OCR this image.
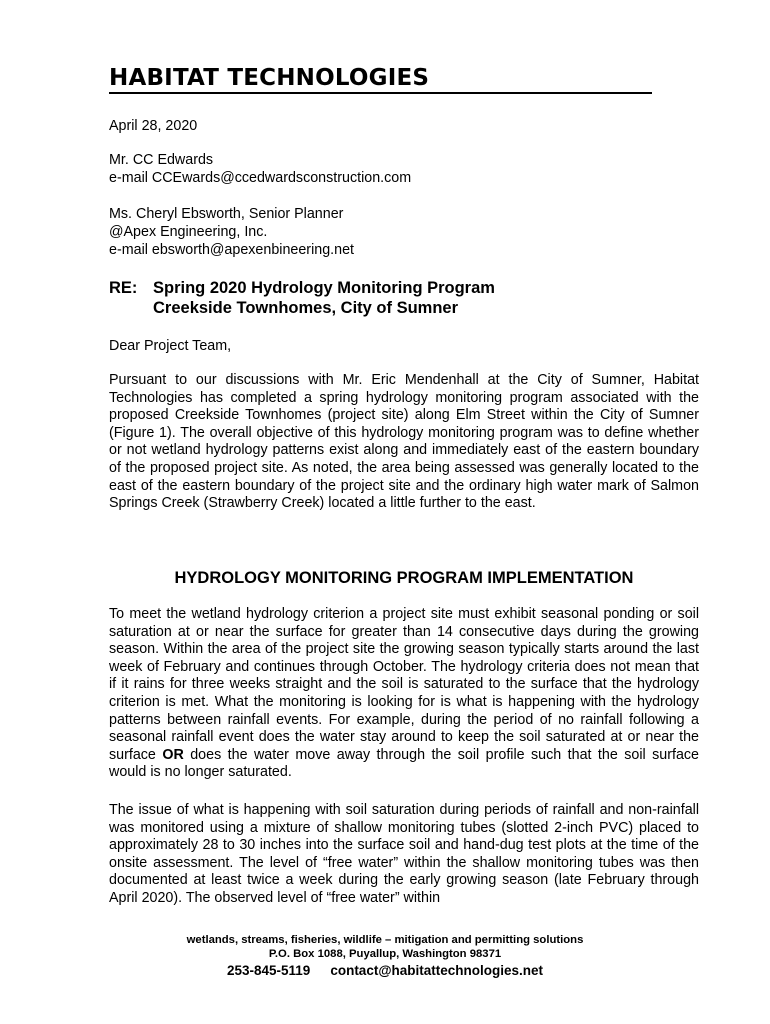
HABITAT TECHNOLOGIES
April 28, 2020
Mr. CC Edwards
e-mail CCEwards@ccedwardsconstruction.com
Ms. Cheryl Ebsworth, Senior Planner
@Apex Engineering, Inc.
e-mail ebsworth@apexenbineering.net
RE: Spring 2020 Hydrology Monitoring Program
Creekside Townhomes, City of Sumner
Dear Project Team,
Pursuant to our discussions with Mr. Eric Mendenhall at the City of Sumner, Habitat Technologies has completed a spring hydrology monitoring program associated with the proposed Creekside Townhomes (project site) along Elm Street within the City of Sumner (Figure 1). The overall objective of this hydrology monitoring program was to define whether or not wetland hydrology patterns exist along and immediately east of the eastern boundary of the proposed project site. As noted, the area being assessed was generally located to the east of the eastern boundary of the project site and the ordinary high water mark of Salmon Springs Creek (Strawberry Creek) located a little further to the east.
HYDROLOGY MONITORING PROGRAM IMPLEMENTATION
To meet the wetland hydrology criterion a project site must exhibit seasonal ponding or soil saturation at or near the surface for greater than 14 consecutive days during the growing season. Within the area of the project site the growing season typically starts around the last week of February and continues through October. The hydrology criteria does not mean that if it rains for three weeks straight and the soil is saturated to the surface that the hydrology criterion is met. What the monitoring is looking for is what is happening with the hydrology patterns between rainfall events. For example, during the period of no rainfall following a seasonal rainfall event does the water stay around to keep the soil saturated at or near the surface OR does the water move away through the soil profile such that the soil surface would is no longer saturated.
The issue of what is happening with soil saturation during periods of rainfall and non-rainfall was monitored using a mixture of shallow monitoring tubes (slotted 2-inch PVC) placed to approximately 28 to 30 inches into the surface soil and hand-dug test plots at the time of the onsite assessment. The level of “free water” within the shallow monitoring tubes was then documented at least twice a week during the early growing season (late February through April 2020). The observed level of “free water” within
wetlands, streams, fisheries, wildlife – mitigation and permitting solutions
P.O. Box 1088, Puyallup, Washington 98371
253-845-5119 contact@habitattechnologies.net
